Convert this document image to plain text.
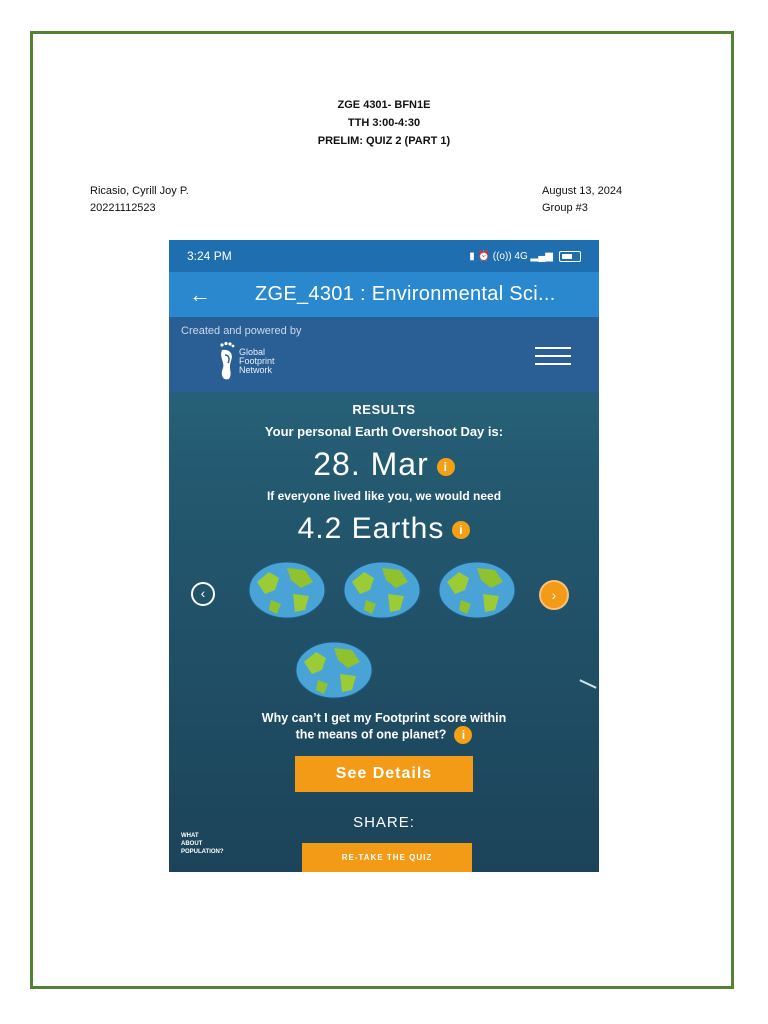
ZGE 4301- BFN1E
TTH 3:00-4:30
PRELIM: QUIZ 2 (PART 1)
Ricasio, Cyrill Joy P.
20221112523
August 13, 2024
Group #3
3:24 PM	▮ ⏰ ((o)) 4G ▂▄▆
←	ZGE_4301 : Environmental Sci...
Created and powered by
Global
Footprint
Network
RESULTS
Your personal Earth Overshoot Day is:
28. Mar i
If everyone lived like you, we would need
4.2 Earths i
‹	›
Why can’t I get my Footprint score within
the means of one planet? i
See Details
SHARE:
WHAT
ABOUT
POPULATION?
RE-TAKE THE QUIZ
